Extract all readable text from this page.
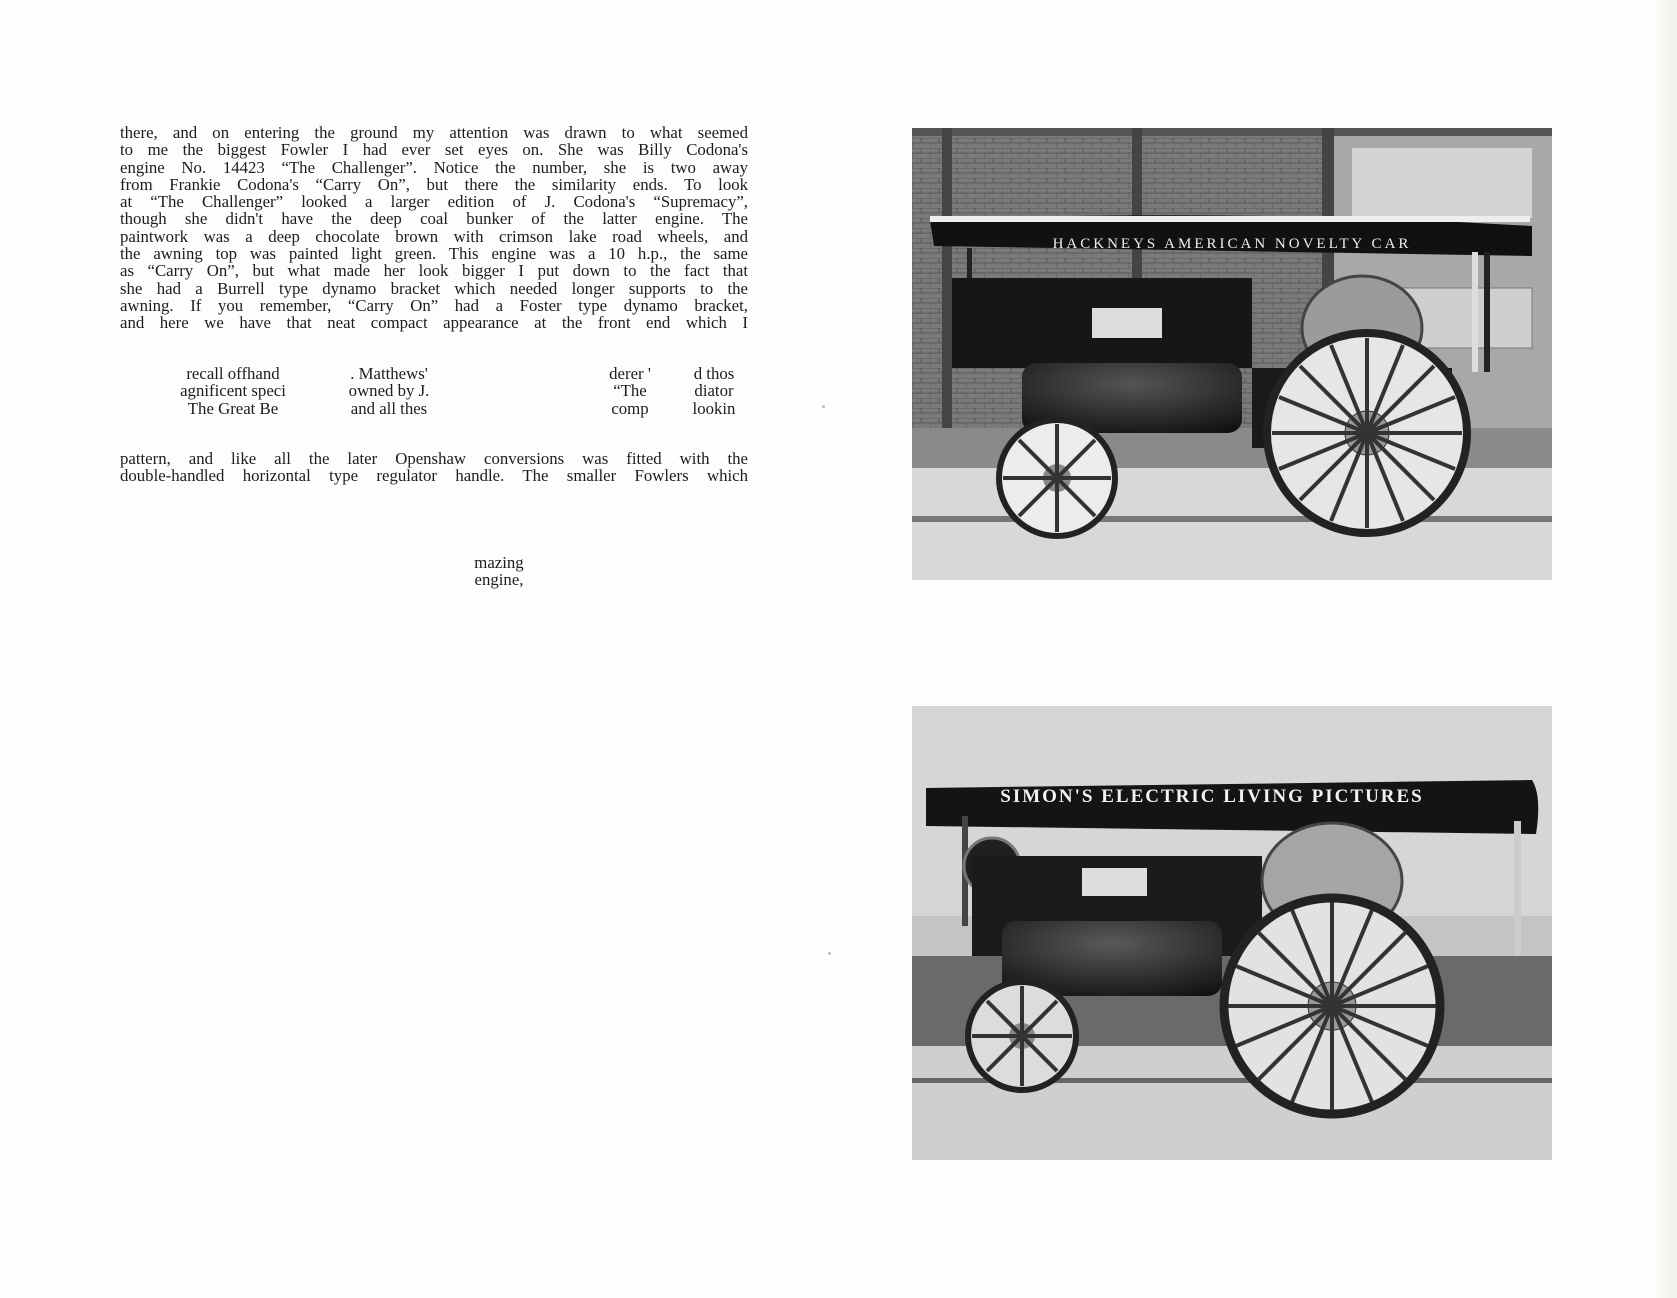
there, and on entering the ground my attention was drawn to what seemed
to me the biggest Fowler I had ever set eyes on. She was Billy Codona's
engine No. 14423 “The Challenger”. Notice the number, she is two away
from Frankie Codona's “Carry On”, but there the similarity ends. To look
at “The Challenger” looked a larger edition of J. Codona's “Supremacy”,
though she didn't have the deep coal bunker of the latter engine. The
paintwork was a deep chocolate brown with crimson lake road wheels, and
the awning top was painted light green. This engine was a 10 h.p., the same
as “Carry On”, but what made her look bigger I put down to the fact that
she had a Burrell type dynamo bracket which needed longer supports to the
awning. If you remember, “Carry On” had a Foster type dynamo bracket,
and here we have that neat compact appearance at the front end which I

recall offhand
agnificent speci
The Great Be
. Matthews'
owned by J.
and all thes
derer '
“The
comp
d thos
diator
lookin

pattern, and like all the later Openshaw conversions was fitted with the
double-handled horizontal type regulator handle. The smaller Fowlers which

mazing
engine,
HACKNEYS AMERICAN NOVELTY CAR
SIMON'S ELECTRIC LIVING PICTURES
